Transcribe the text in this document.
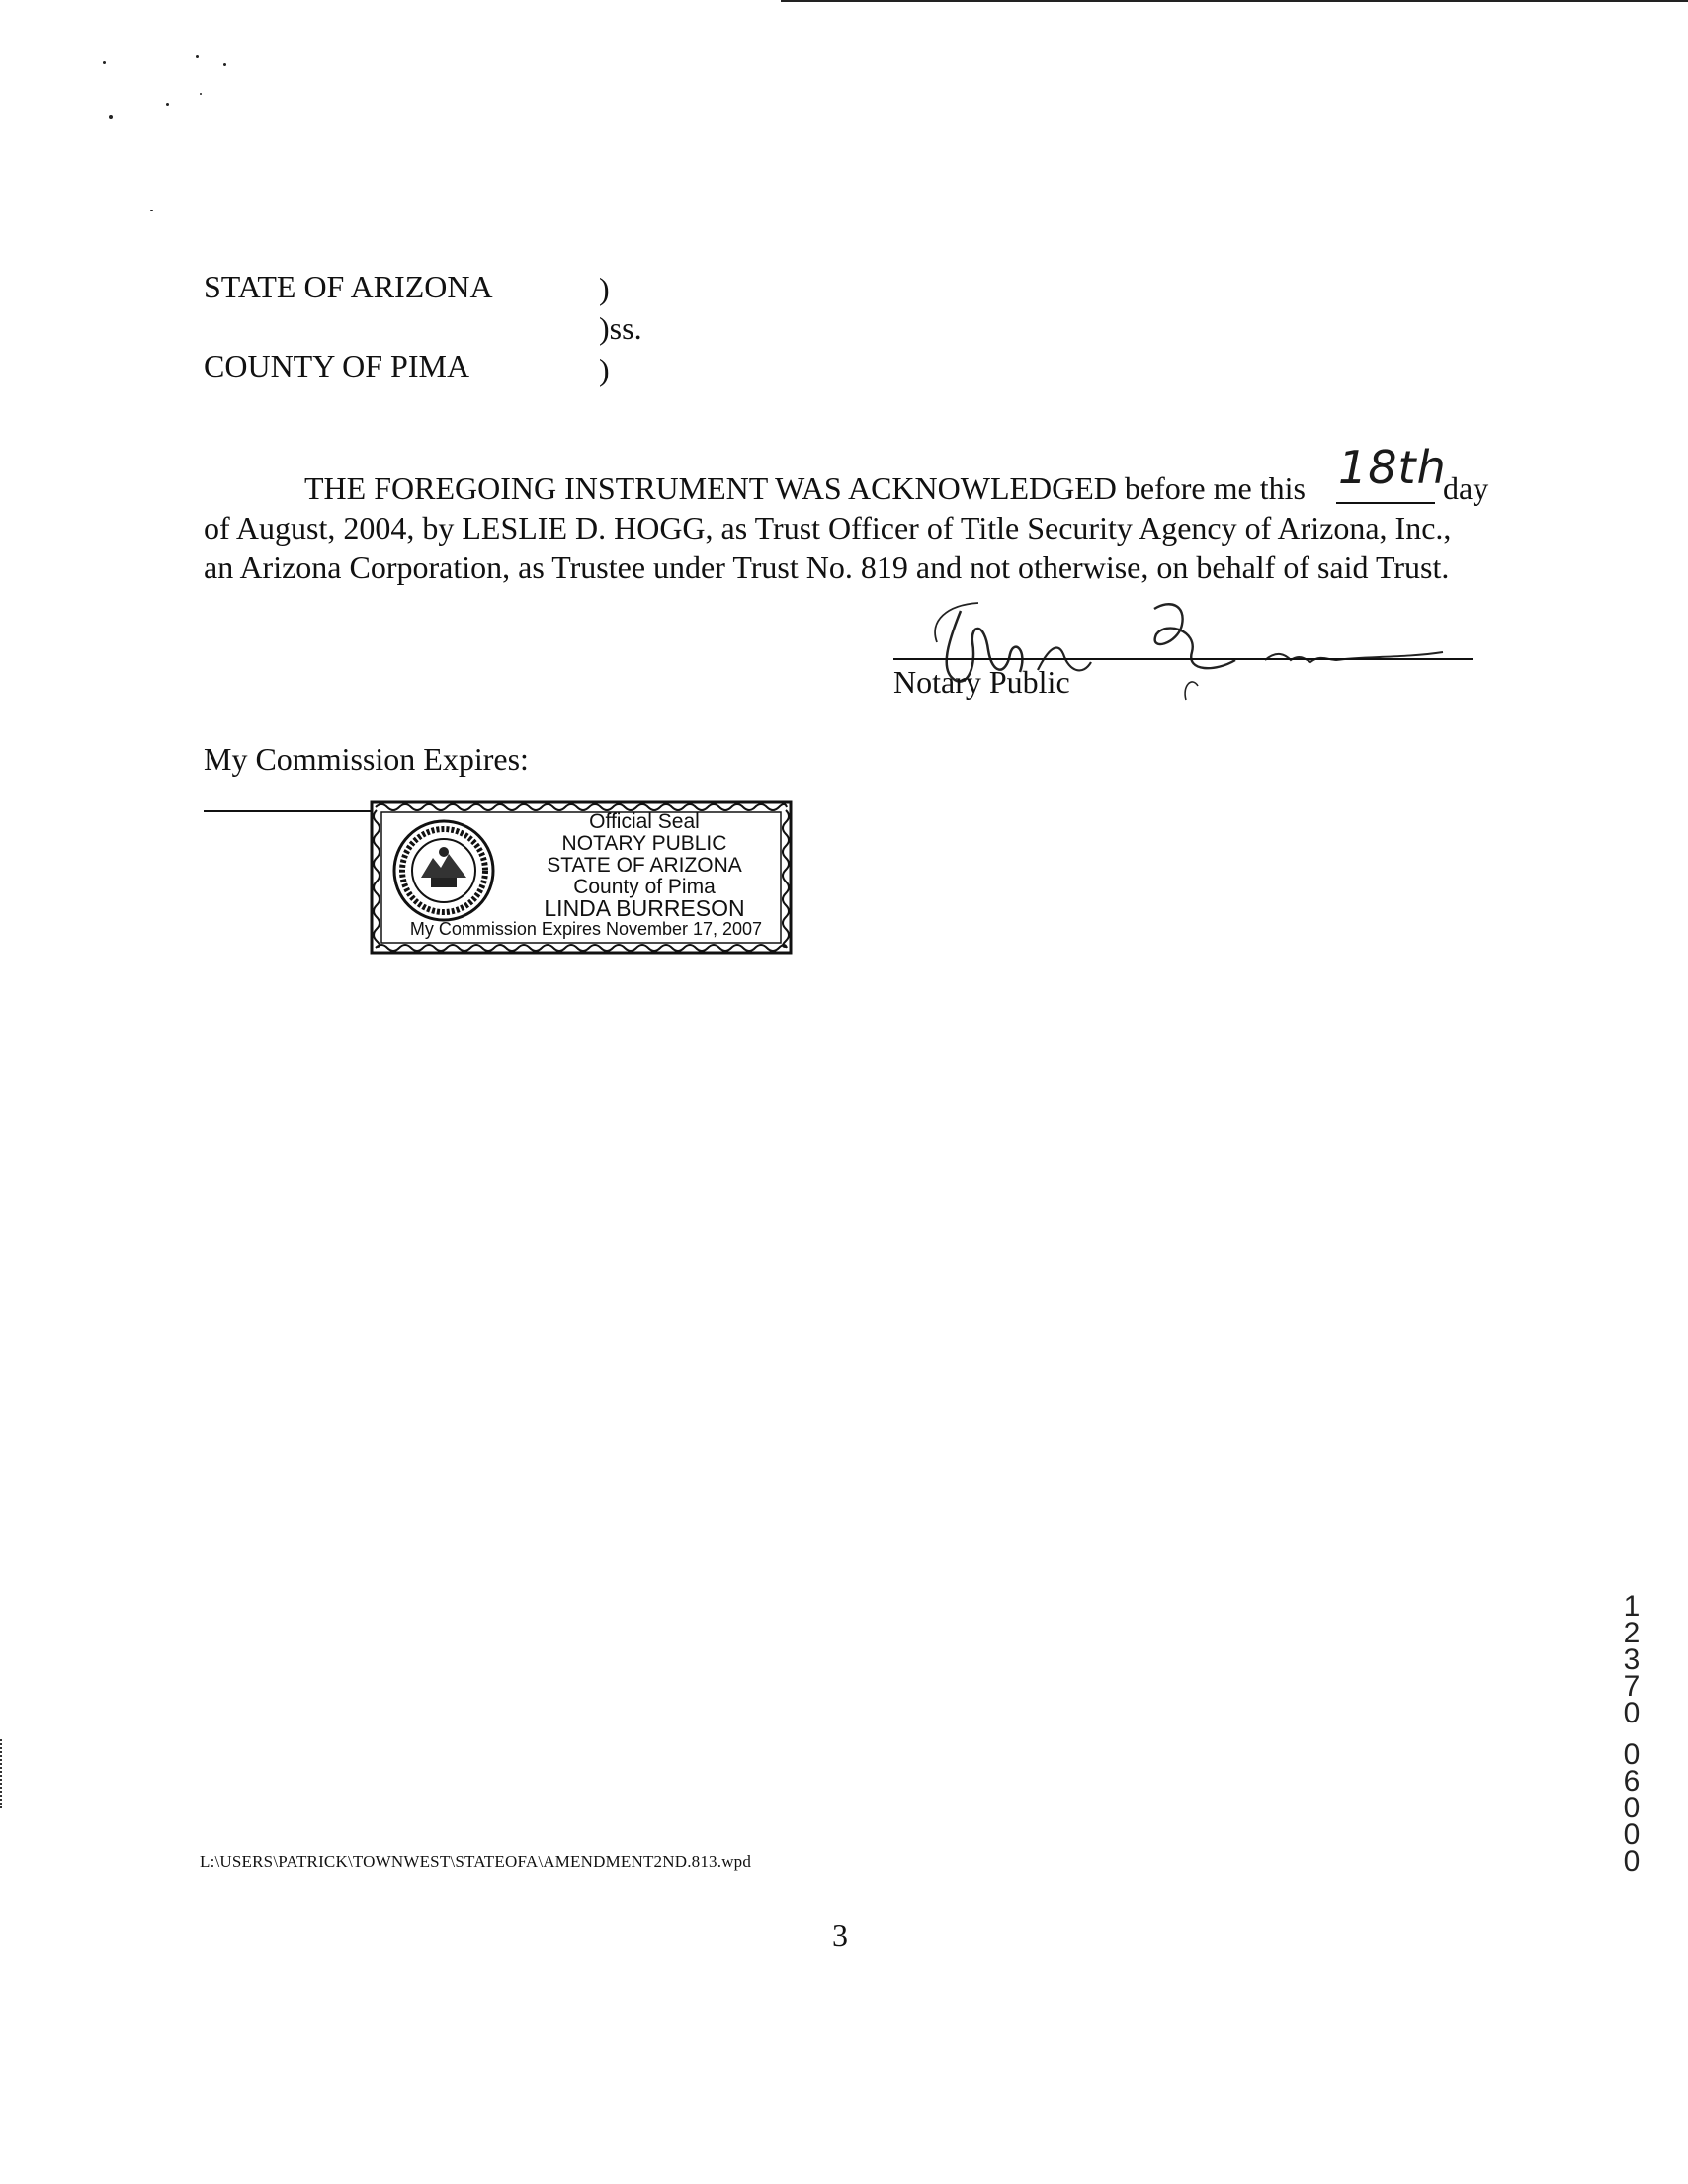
STATE OF ARIZONA
COUNTY OF PIMA
)
)ss.
)
THE FOREGOING INSTRUMENT WAS ACKNOWLEDGED before me this 18th
day
of August, 2004, by LESLIE D. HOGG, as Trust Officer of Title Security Agency of Arizona, Inc.,
an Arizona Corporation, as Trustee under Trust No. 819 and not otherwise, on behalf of said Trust.
Notary Public
My Commission Expires:
Official Seal
NOTARY PUBLIC
STATE OF ARIZONA
County of Pima
LINDA BURRESON
My Commission Expires November 17, 2007
L:\USERS\PATRICK\TOWNWEST\STATEOFA\AMENDMENT2ND.813.wpd
3
1
2
3
7
0
0
6
0
0
0
